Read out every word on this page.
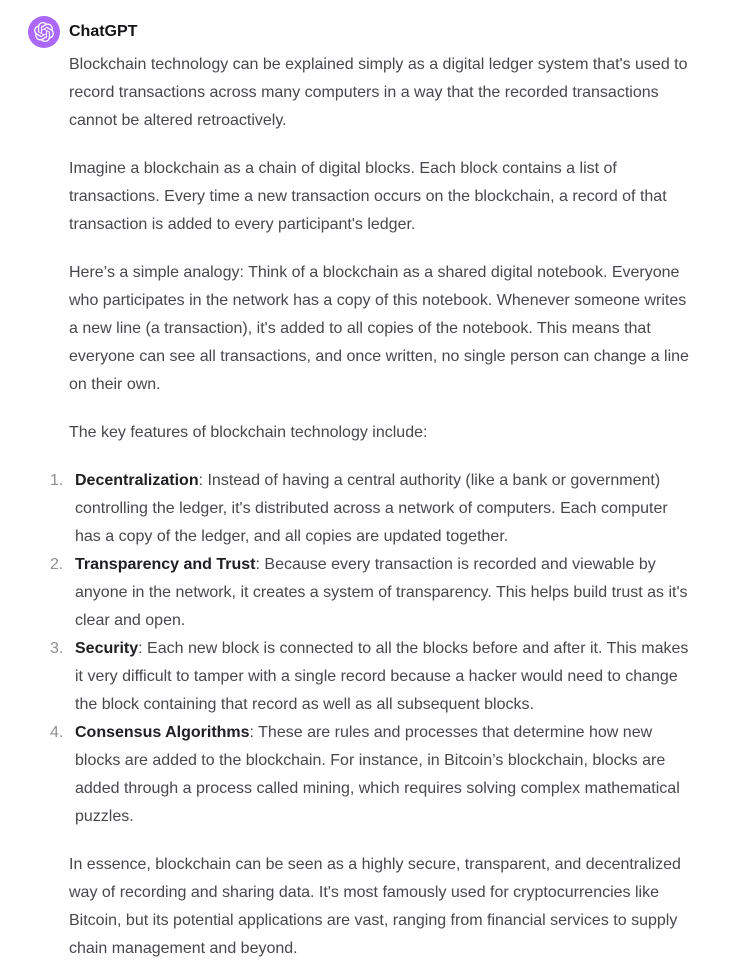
ChatGPT

Blockchain technology can be explained simply as a digital ledger system that's used to record transactions across many computers in a way that the recorded transactions cannot be altered retroactively.

Imagine a blockchain as a chain of digital blocks. Each block contains a list of transactions. Every time a new transaction occurs on the blockchain, a record of that transaction is added to every participant's ledger.

Here’s a simple analogy: Think of a blockchain as a shared digital notebook. Everyone who participates in the network has a copy of this notebook. Whenever someone writes a new line (a transaction), it's added to all copies of the notebook. This means that everyone can see all transactions, and once written, no single person can change a line on their own.

The key features of blockchain technology include:

1. Decentralization: Instead of having a central authority (like a bank or government) controlling the ledger, it's distributed across a network of computers. Each computer has a copy of the ledger, and all copies are updated together.

2. Transparency and Trust: Because every transaction is recorded and viewable by anyone in the network, it creates a system of transparency. This helps build trust as it's clear and open.

3. Security: Each new block is connected to all the blocks before and after it. This makes it very difficult to tamper with a single record because a hacker would need to change the block containing that record as well as all subsequent blocks.

4. Consensus Algorithms: These are rules and processes that determine how new blocks are added to the blockchain. For instance, in Bitcoin’s blockchain, blocks are added through a process called mining, which requires solving complex mathematical puzzles.

In essence, blockchain can be seen as a highly secure, transparent, and decentralized way of recording and sharing data. It's most famously used for cryptocurrencies like Bitcoin, but its potential applications are vast, ranging from financial services to supply chain management and beyond.
